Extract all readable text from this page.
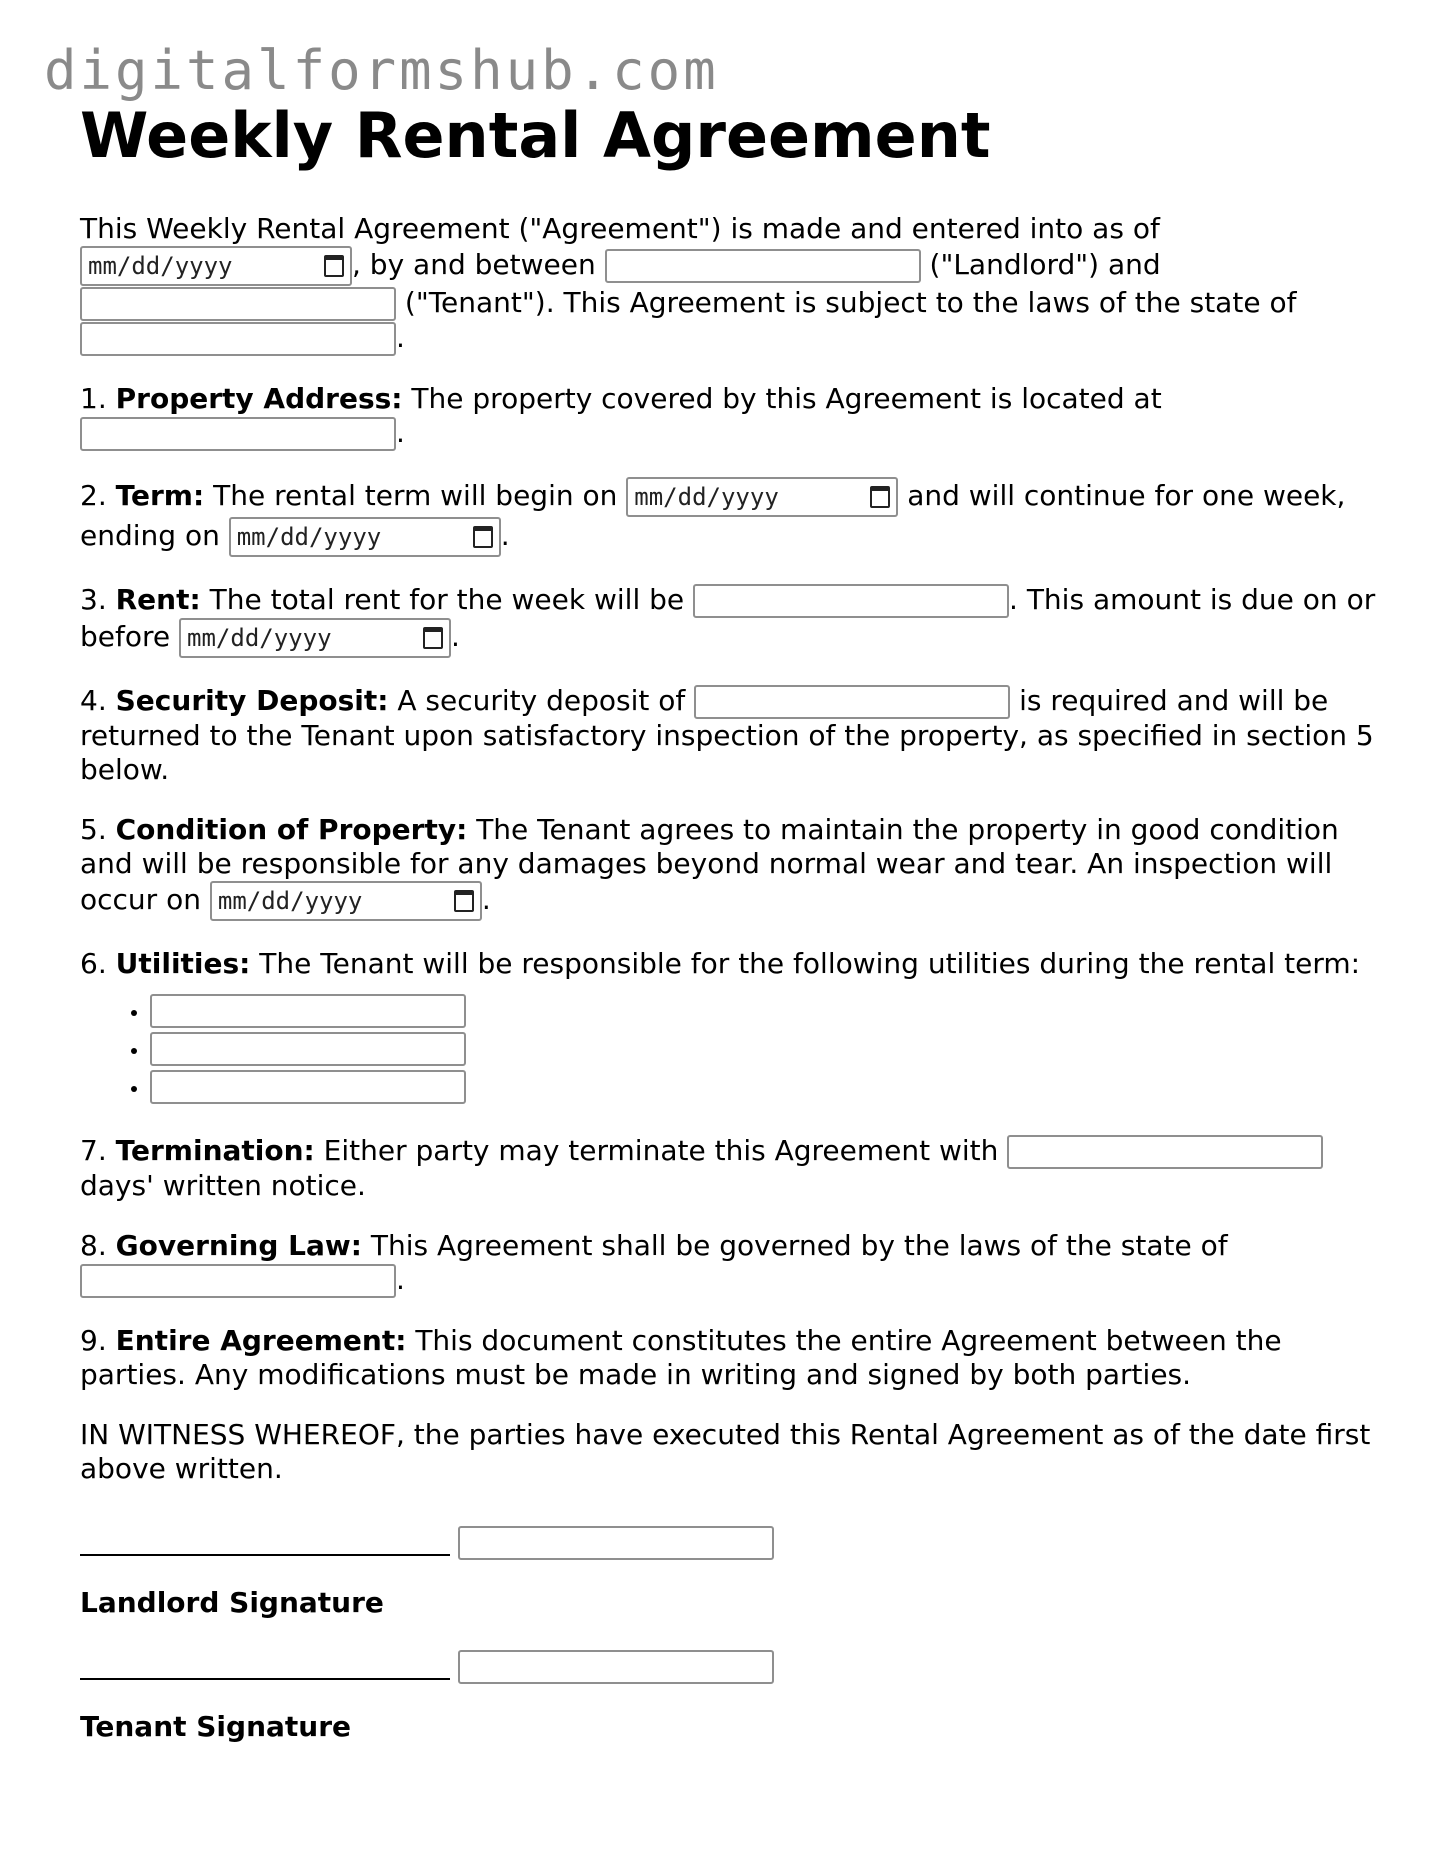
digitalformshub.com
Weekly Rental Agreement

This Weekly Rental Agreement ("Agreement") is made and entered into as of

mm/dd/yyyy	, by and between	("Landlord") and
("Tenant"). This Agreement is subject to the laws of the state of
.

1. Property Address: The property covered by this Agreement is located at
.

2. Term: The rental term will begin on mm/dd/yyyy	and will continue for one week, ending on mm/dd/yyyy	.

3. Rent: The total rent for the week will be	. This amount is due on or before mm/dd/yyyy	.

4. Security Deposit: A security deposit of	is required and will be returned to the Tenant upon satisfactory inspection of the property, as specified in section 5 below.

5. Condition of Property: The Tenant agrees to maintain the property in good condition and will be responsible for any damages beyond normal wear and tear. An inspection will occur on mm/dd/yyyy	.

6. Utilities: The Tenant will be responsible for the following utilities during the rental term:

•
•
•

7. Termination: Either party may terminate this Agreement with
days' written notice.

8. Governing Law: This Agreement shall be governed by the laws of the state of
.

9. Entire Agreement: This document constitutes the entire Agreement between the parties. Any modifications must be made in writing and signed by both parties.

IN WITNESS WHEREOF, the parties have executed this Rental Agreement as of the date first above written.

Landlord Signature
Tenant Signature
